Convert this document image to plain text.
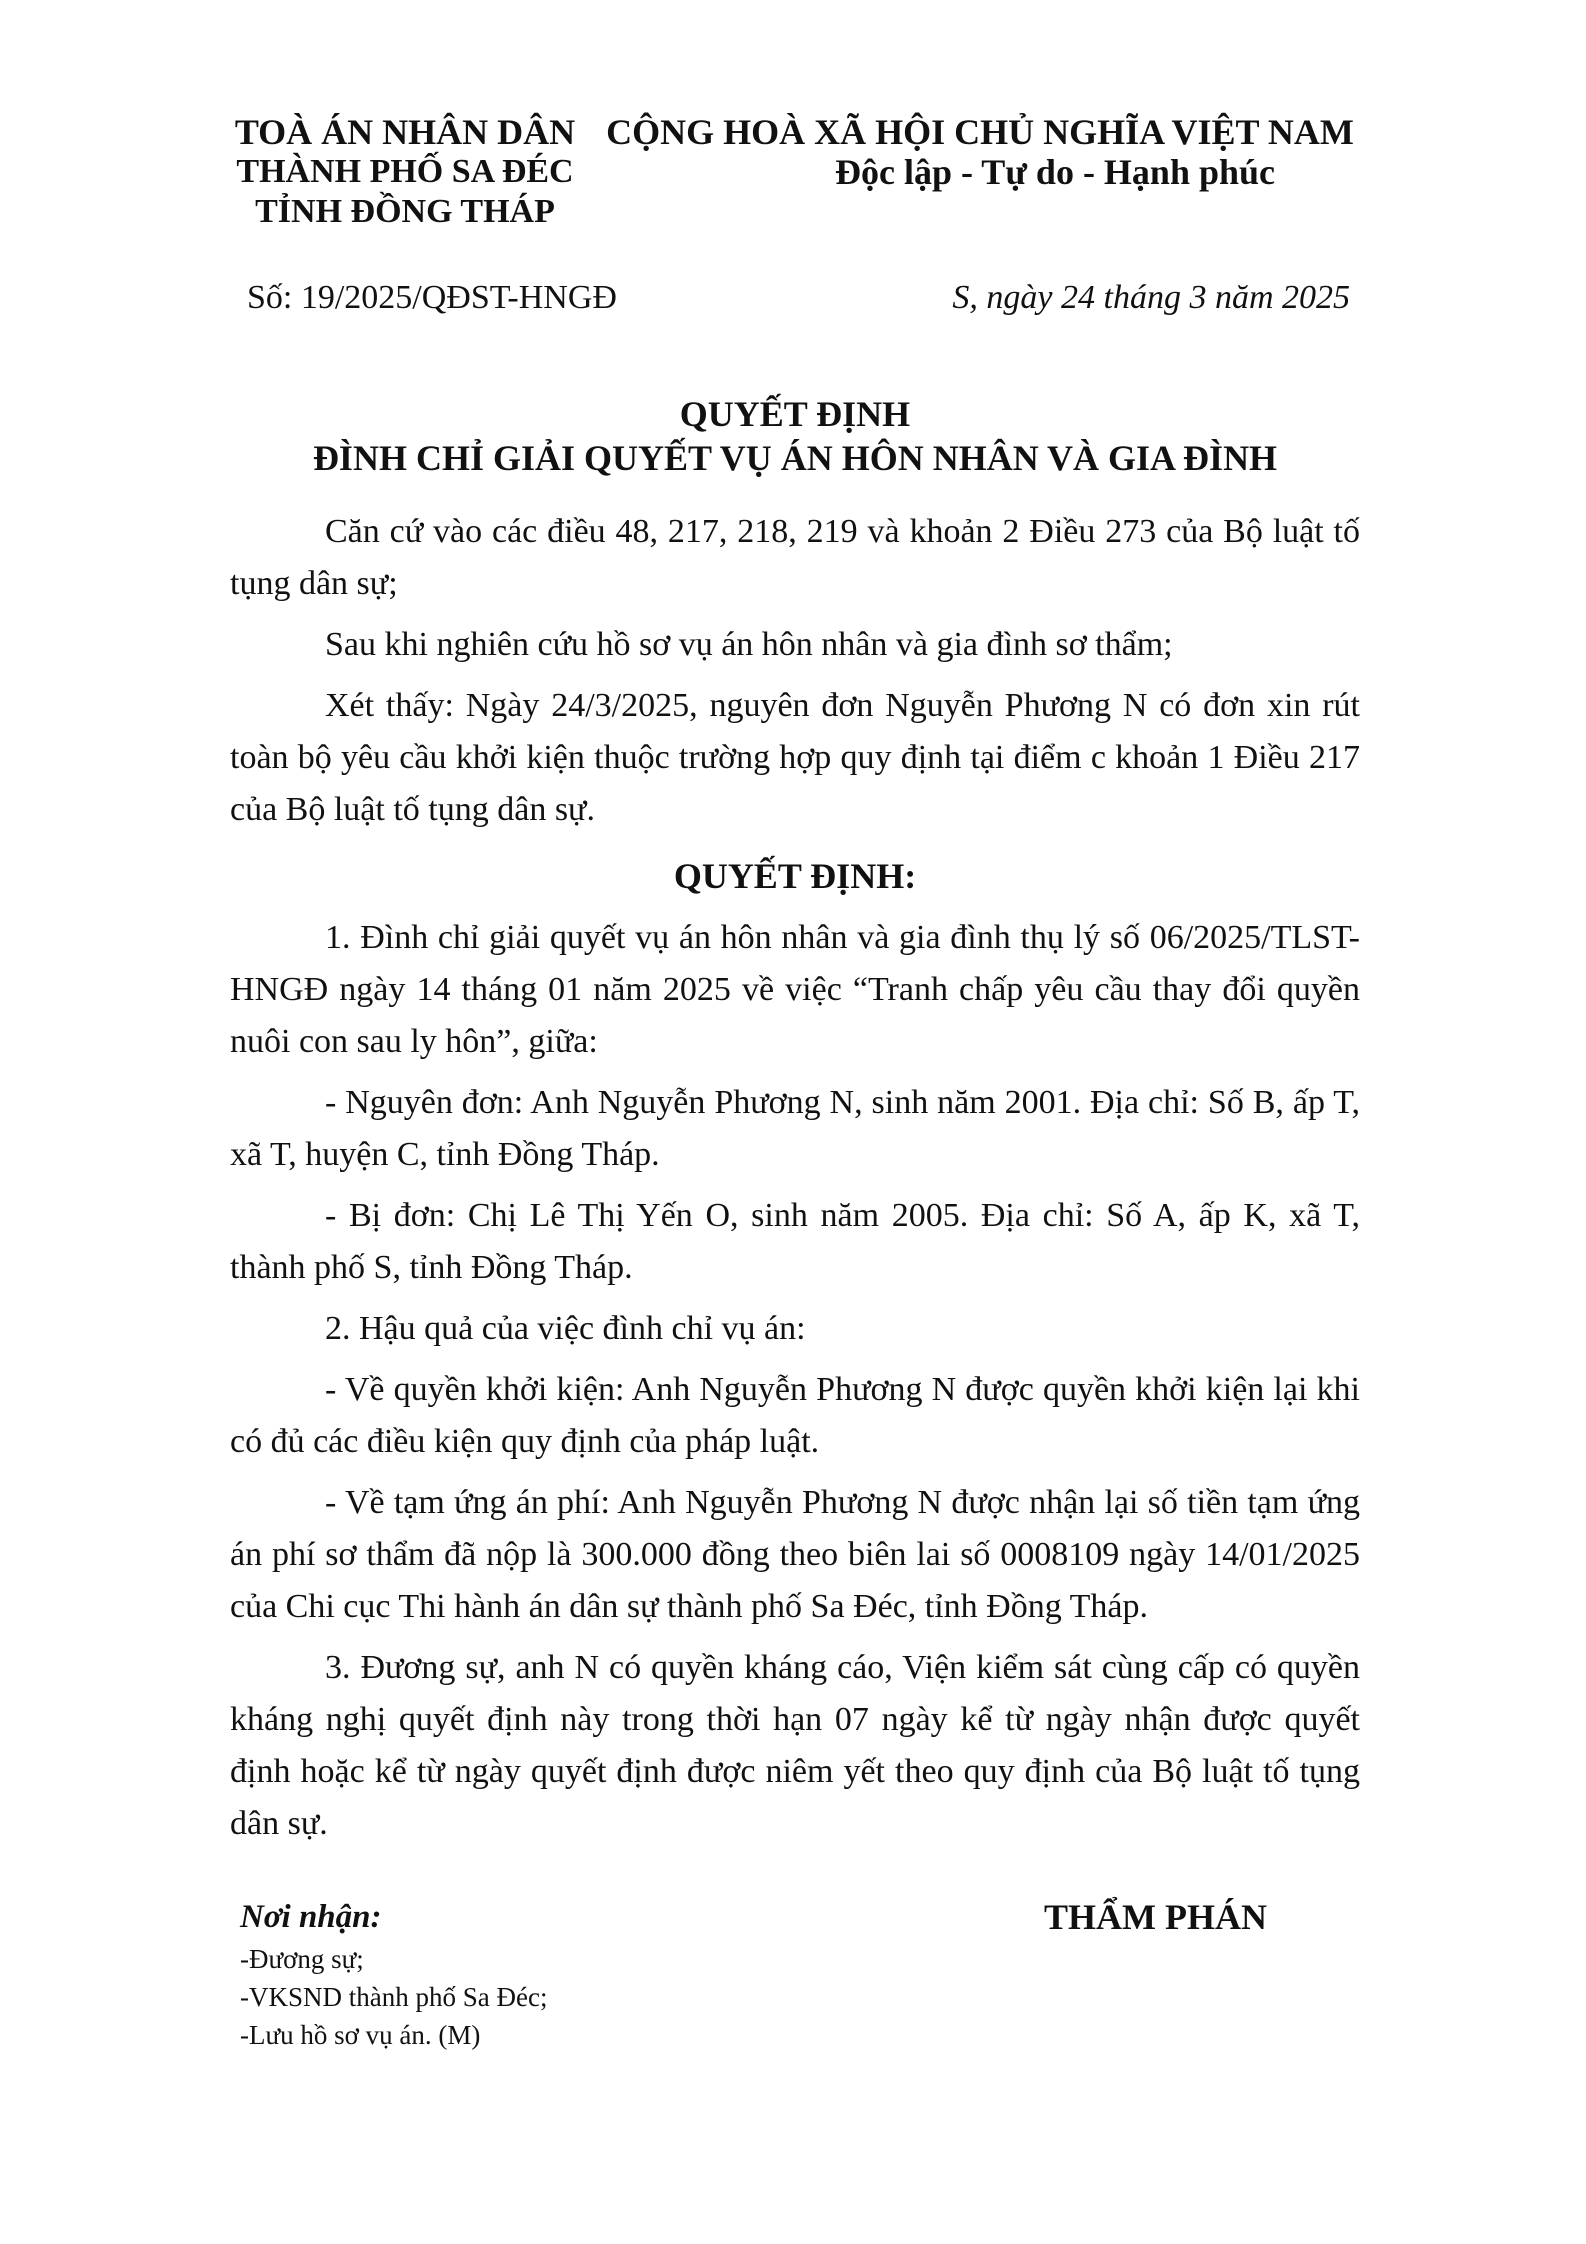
TOÀ ÁN NHÂN DÂN
THÀNH PHỐ SA ĐÉC
TỈNH ĐỒNG THÁP
CỘNG HOÀ XÃ HỘI CHỦ NGHĨA VIỆT NAM
Độc lập - Tự do - Hạnh phúc
Số: 19/2025/QĐST-HNGĐ	S, ngày 24 tháng 3 năm 2025
QUYẾT ĐỊNH
ĐÌNH CHỈ GIẢI QUYẾT VỤ ÁN HÔN NHÂN VÀ GIA ĐÌNH

Căn cứ vào các điều 48, 217, 218, 219 và khoản 2 Điều 273 của Bộ luật tố tụng dân sự;

Sau khi nghiên cứu hồ sơ vụ án hôn nhân và gia đình sơ thẩm;

Xét thấy: Ngày 24/3/2025, nguyên đơn Nguyễn Phương N có đơn xin rút toàn bộ yêu cầu khởi kiện thuộc trường hợp quy định tại điểm c khoản 1 Điều 217 của Bộ luật tố tụng dân sự.

QUYẾT ĐỊNH:

1. Đình chỉ giải quyết vụ án hôn nhân và gia đình thụ lý số 06/2025/TLST-HNGĐ ngày 14 tháng 01 năm 2025 về việc “Tranh chấp yêu cầu thay đổi quyền nuôi con sau ly hôn”, giữa:

- Nguyên đơn: Anh Nguyễn Phương N, sinh năm 2001. Địa chỉ: Số B, ấp T, xã T, huyện C, tỉnh Đồng Tháp.

- Bị đơn: Chị Lê Thị Yến O, sinh năm 2005. Địa chỉ: Số A, ấp K, xã T, thành phố S, tỉnh Đồng Tháp.

2. Hậu quả của việc đình chỉ vụ án:

- Về quyền khởi kiện: Anh Nguyễn Phương N được quyền khởi kiện lại khi có đủ các điều kiện quy định của pháp luật.

- Về tạm ứng án phí: Anh Nguyễn Phương N được nhận lại số tiền tạm ứng án phí sơ thẩm đã nộp là 300.000 đồng theo biên lai số 0008109 ngày 14/01/2025 của Chi cục Thi hành án dân sự thành phố Sa Đéc, tỉnh Đồng Tháp.

3. Đương sự, anh N có quyền kháng cáo, Viện kiểm sát cùng cấp có quyền kháng nghị quyết định này trong thời hạn 07 ngày kể từ ngày nhận được quyết định hoặc kể từ ngày quyết định được niêm yết theo quy định của Bộ luật tố tụng dân sự.

Nơi nhận:
-Đương sự;
-VKSND thành phố Sa Đéc;
-Lưu hồ sơ vụ án. (M)
THẨM PHÁN
